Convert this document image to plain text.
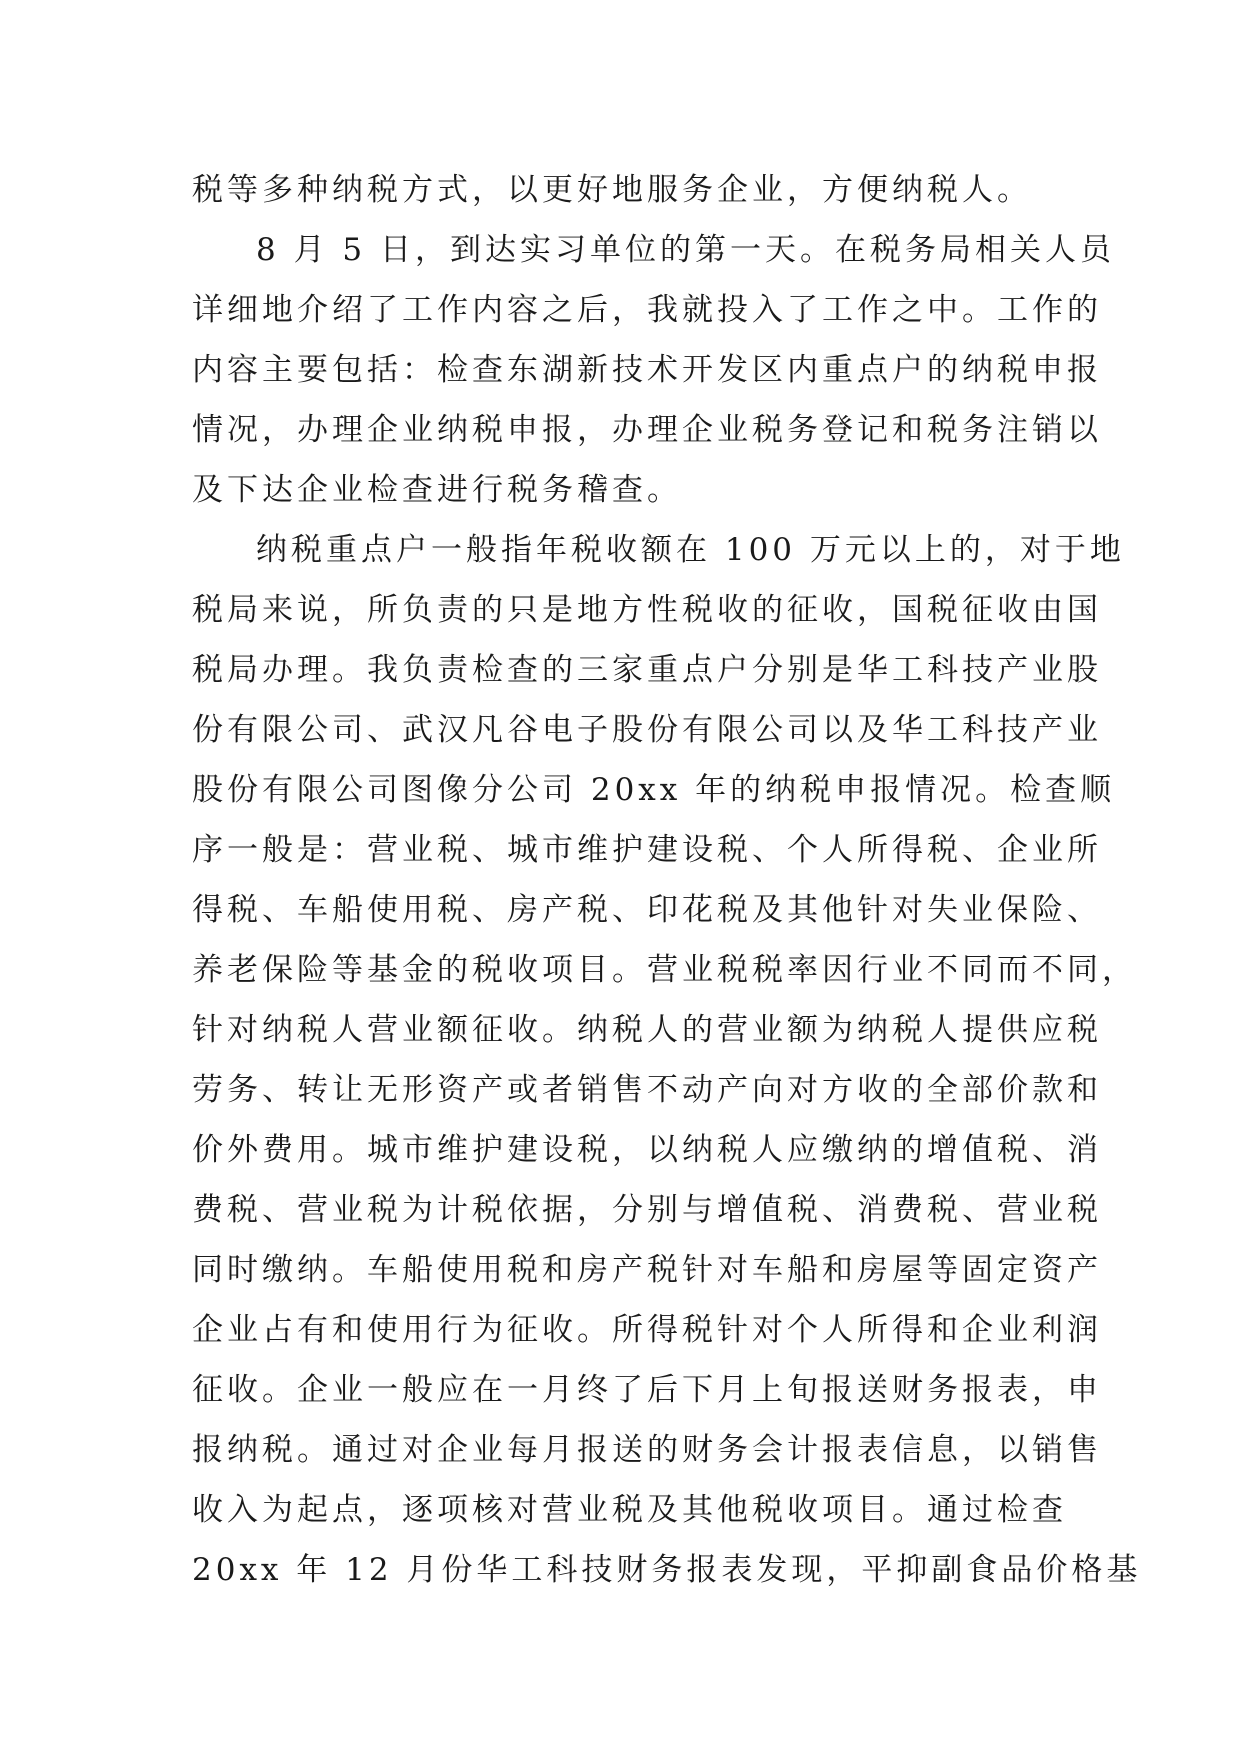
税等多种纳税方式，以更好地服务企业，方便纳税人。
8 月 5 日，到达实习单位的第一天。在税务局相关人员
详细地介绍了工作内容之后，我就投入了工作之中。工作的
内容主要包括：检查东湖新技术开发区内重点户的纳税申报
情况，办理企业纳税申报，办理企业税务登记和税务注销以
及下达企业检查进行税务稽查。
纳税重点户一般指年税收额在 100 万元以上的，对于地
税局来说，所负责的只是地方性税收的征收，国税征收由国
税局办理。我负责检查的三家重点户分别是华工科技产业股
份有限公司、武汉凡谷电子股份有限公司以及华工科技产业
股份有限公司图像分公司 20xx 年的纳税申报情况。检查顺
序一般是：营业税、城市维护建设税、个人所得税、企业所
得税、车船使用税、房产税、印花税及其他针对失业保险、
养老保险等基金的税收项目。营业税税率因行业不同而不同，
针对纳税人营业额征收。纳税人的营业额为纳税人提供应税
劳务、转让无形资产或者销售不动产向对方收的全部价款和
价外费用。城市维护建设税，以纳税人应缴纳的增值税、消
费税、营业税为计税依据，分别与增值税、消费税、营业税
同时缴纳。车船使用税和房产税针对车船和房屋等固定资产
企业占有和使用行为征收。所得税针对个人所得和企业利润
征收。企业一般应在一月终了后下月上旬报送财务报表，申
报纳税。通过对企业每月报送的财务会计报表信息，以销售
收入为起点，逐项核对营业税及其他税收项目。通过检查
20xx 年 12 月份华工科技财务报表发现，平抑副食品价格基
